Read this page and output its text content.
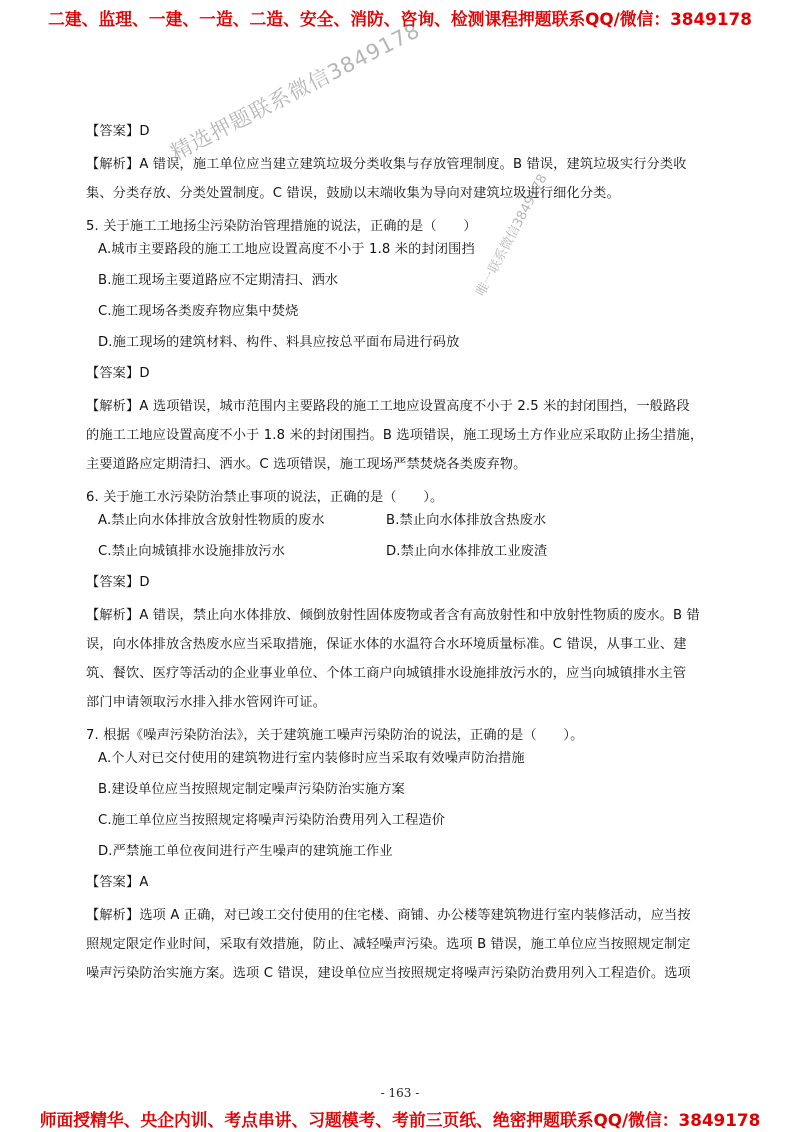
二建、监理、一建、一造、二造、安全、消防、咨询、检测课程押题联系QQ/微信：3849178
精选押题联系微信3849178
唯一联系微信3849178
【答案】D
【解析】A 错误，施工单位应当建立建筑垃圾分类收集与存放管理制度。B 错误，建筑垃圾实行分类收
集、分类存放、分类处置制度。C 错误，鼓励以末端收集为导向对建筑垃圾进行细化分类。
5. 关于施工工地扬尘污染防治管理措施的说法，正确的是（　　）
A.城市主要路段的施工工地应设置高度不小于 1.8 米的封闭围挡
B.施工现场主要道路应不定期清扫、洒水
C.施工现场各类废弃物应集中焚烧
D.施工现场的建筑材料、构件、料具应按总平面布局进行码放
【答案】D
【解析】A 选项错误，城市范围内主要路段的施工工地应设置高度不小于 2.5 米的封闭围挡，一般路段
的施工工地应设置高度不小于 1.8 米的封闭围挡。B 选项错误，施工现场土方作业应采取防止扬尘措施，
主要道路应定期清扫、洒水。C 选项错误，施工现场严禁焚烧各类废弃物。
6. 关于施工水污染防治禁止事项的说法，正确的是（　　）。
A.禁止向水体排放含放射性物质的废水	B.禁止向水体排放含热废水
C.禁止向城镇排水设施排放污水	D.禁止向水体排放工业废渣
【答案】D
【解析】A 错误，禁止向水体排放、倾倒放射性固体废物或者含有高放射性和中放射性物质的废水。B 错
误，向水体排放含热废水应当采取措施，保证水体的水温符合水环境质量标准。C 错误，从事工业、建
筑、餐饮、医疗等活动的企业事业单位、个体工商户向城镇排水设施排放污水的，应当向城镇排水主管
部门申请领取污水排入排水管网许可证。
7. 根据《噪声污染防治法》，关于建筑施工噪声污染防治的说法，正确的是（　　）。
A.个人对已交付使用的建筑物进行室内装修时应当采取有效噪声防治措施
B.建设单位应当按照规定制定噪声污染防治实施方案
C.施工单位应当按照规定将噪声污染防治费用列入工程造价
D.严禁施工单位夜间进行产生噪声的建筑施工作业
【答案】A
【解析】选项 A 正确，对已竣工交付使用的住宅楼、商铺、办公楼等建筑物进行室内装修活动，应当按
照规定限定作业时间，采取有效措施，防止、减轻噪声污染。选项 B 错误，施工单位应当按照规定制定
噪声污染防治实施方案。选项 C 错误，建设单位应当按照规定将噪声污染防治费用列入工程造价。选项
- 163 -
师面授精华、央企内训、考点串讲、习题模考、考前三页纸、绝密押题联系QQ/微信：3849178
